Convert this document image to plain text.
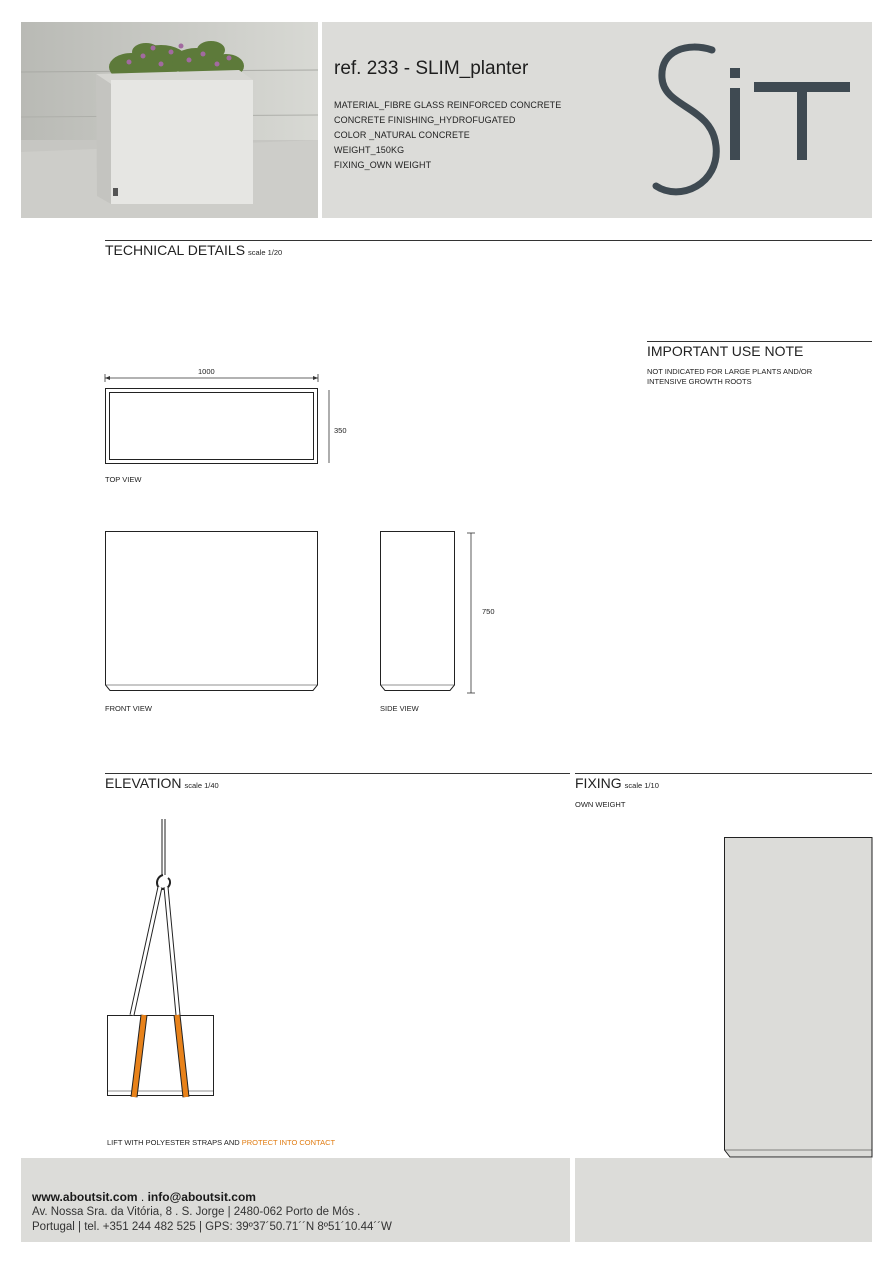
ref. 233 - SLIM_planter
MATERIAL_FIBRE GLASS REINFORCED CONCRETE
CONCRETE FINISHING_HYDROFUGATED
COLOR _NATURAL CONCRETE
WEIGHT_150KG
FIXING_OWN WEIGHT
TECHNICAL DETAILS scale 1/20
1000
350
TOP VIEW
FRONT VIEW
750
SIDE VIEW
IMPORTANT USE NOTE
NOT INDICATED FOR LARGE PLANTS AND/OR
INTENSIVE GROWTH ROOTS
ELEVATION scale 1/40
LIFT WITH POLYESTER STRAPS AND PROTECT INTO CONTACT
FIXING scale 1/10
OWN WEIGHT
www.aboutsit.com . info@aboutsit.com
Av. Nossa Sra. da Vitória, 8 . S. Jorge | 2480-062 Porto de Mós .
Portugal | tel. +351 244 482 525 | GPS: 39º37´50.71´´N 8º51´10.44´´W
